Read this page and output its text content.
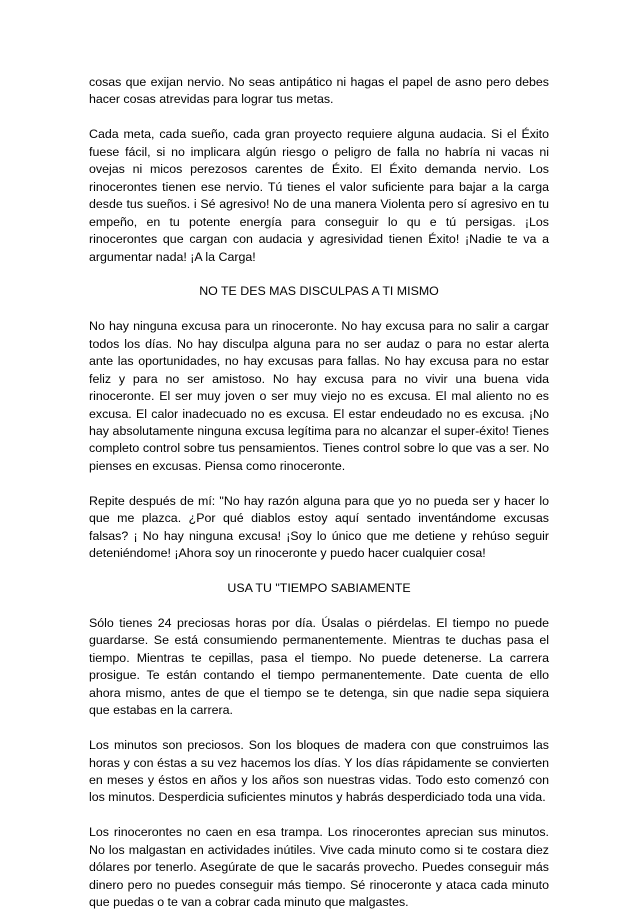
cosas que exijan nervio. No seas antipático ni hagas el papel de asno pero debes hacer cosas atrevidas para lograr tus metas.

Cada meta, cada sueño, cada gran proyecto requiere alguna audacia. Si el Éxito fuese fácil, si no implicara algún riesgo o peligro de falla no habría ni vacas ni ovejas ni micos perezosos carentes de Éxito. El Éxito demanda nervio. Los rinocerontes tienen ese nervio. Tú tienes el valor suficiente para bajar a la carga desde tus sueños. i Sé agresivo! No de una manera Violenta pero sí agresivo en tu empeño, en tu potente energía para conseguir lo qu e tú persigas. ¡Los rinocerontes que cargan con audacia y agresividad tienen Éxito! ¡Nadie te va a argumentar nada! ¡A la Carga!

NO TE DES MAS DISCULPAS A TI MISMO

No hay ninguna excusa para un rinoceronte. No hay excusa para no salir a cargar todos los días. No hay disculpa alguna para no ser audaz o para no estar alerta ante las oportunidades, no hay excusas para fallas. No hay excusa para no estar feliz y para no ser amistoso. No hay excusa para no vivir una buena vida rinoceronte. El ser muy joven o ser muy viejo no es excusa. El mal aliento no es excusa. El calor inadecuado no es excusa. El estar endeudado no es excusa. ¡No hay absolutamente ninguna excusa legítima para no alcanzar el super-éxito! Tienes completo control sobre tus pensamientos. Tienes control sobre lo que vas a ser. No pienses en excusas. Piensa como rinoceronte.

Repite después de mí: "No hay razón alguna para que yo no pueda ser y hacer lo que me plazca. ¿Por qué diablos estoy aquí sentado inventándome excusas falsas? ¡ No hay ninguna excusa! ¡Soy lo único que me detiene y rehúso seguir deteniéndome! ¡Ahora soy un rinoceronte y puedo hacer cualquier cosa!

USA TU "TIEMPO SABIAMENTE

Sólo tienes 24 preciosas horas por día. Úsalas o piérdelas. El tiempo no puede guardarse. Se está consumiendo permanentemente. Mientras te duchas pasa el tiempo. Mientras te cepillas, pasa el tiempo. No puede detenerse. La carrera prosigue. Te están contando el tiempo permanentemente. Date cuenta de ello ahora mismo, antes de que el tiempo se te detenga, sin que nadie sepa siquiera que estabas en la carrera.

Los minutos son preciosos. Son los bloques de madera con que construimos las horas y con éstas a su vez hacemos los días. Y los días rápidamente se convierten en meses y éstos en años y los años son nuestras vidas. Todo esto comenzó con los minutos. Desperdicia suficientes minutos y habrás desperdiciado toda una vida.

Los rinocerontes no caen en esa trampa. Los rinocerontes aprecian sus minutos. No los malgastan en actividades inútiles. Vive cada minuto como si te costara diez dólares por tenerlo. Asegúrate de que le sacarás provecho. Puedes conseguir más dinero pero no puedes conseguir más tiempo. Sé rinoceronte y ataca cada minuto que puedas o te van a cobrar cada minuto que malgastes.
